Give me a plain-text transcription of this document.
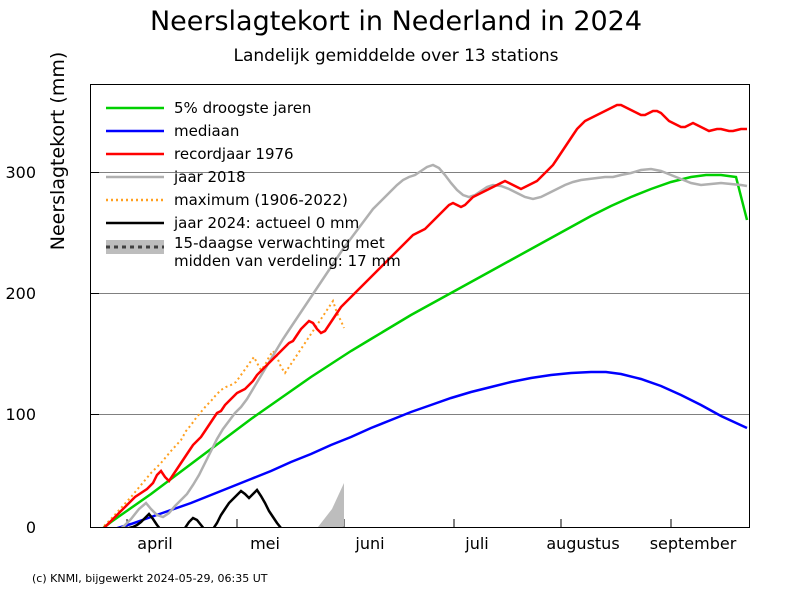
Neerslagtekort in Nederland in 2024
Landelijk gemiddelde over 13 stations
Neerslagtekort (mm)
0
100
200
300
april	mei	juni	juli	augustus	september
5% droogste jaren
mediaan
recordjaar 1976
jaar 2018
maximum (1906-2022)
jaar 2024: actueel 0 mm
15-daagse verwachting met
midden van verdeling: 17 mm
(c) KNMI, bijgewerkt 2024-05-29, 06:35 UT
